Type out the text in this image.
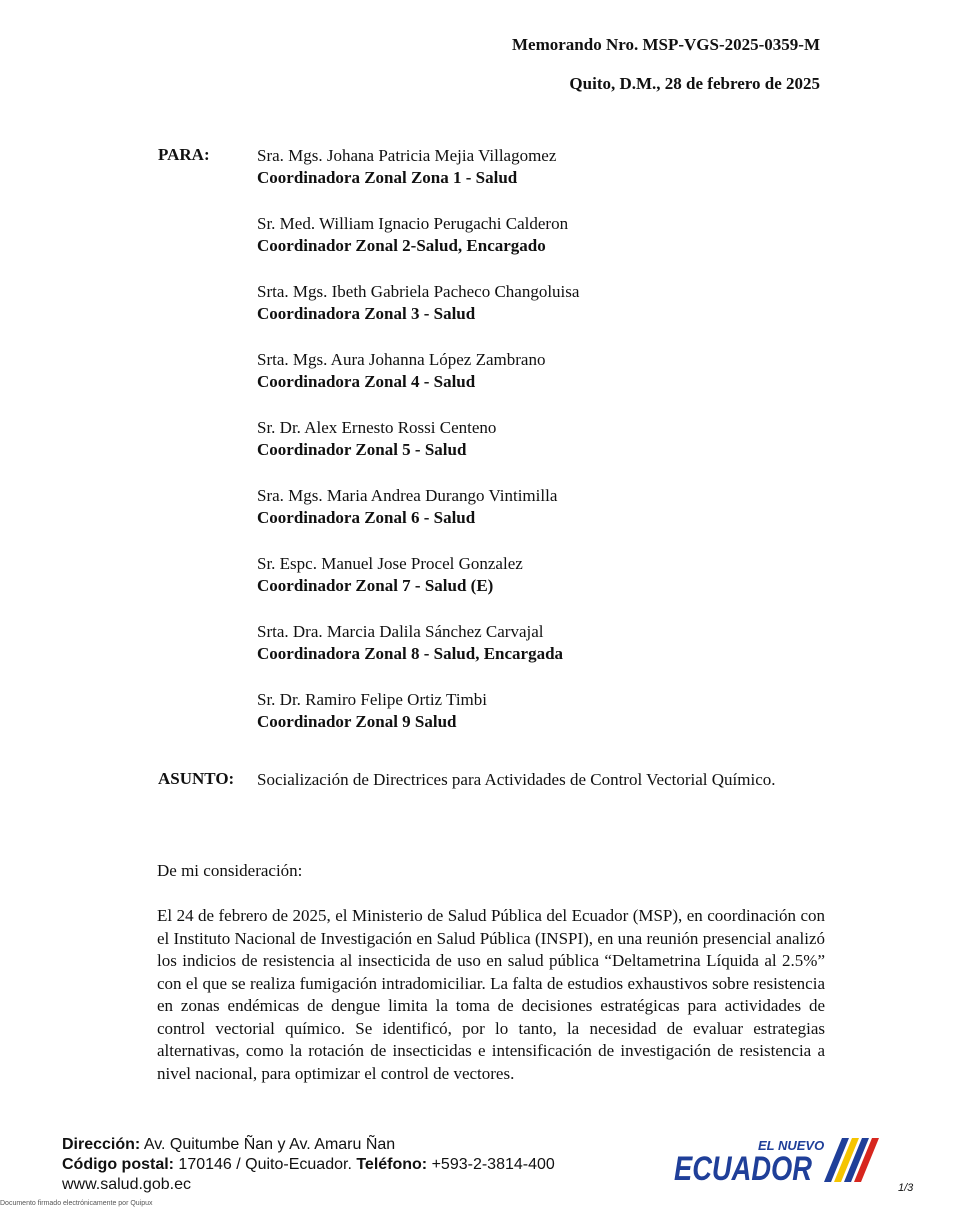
Memorando Nro. MSP-VGS-2025-0359-M
Quito, D.M., 28 de febrero de 2025
PARA:	Sra. Mgs. Johana Patricia Mejia Villagomez
Coordinadora Zonal Zona 1 - Salud
Sr. Med. William Ignacio Perugachi Calderon
Coordinador Zonal 2-Salud, Encargado
Srta. Mgs. Ibeth Gabriela Pacheco Changoluisa
Coordinadora Zonal 3 - Salud
Srta. Mgs. Aura Johanna López Zambrano
Coordinadora Zonal 4 - Salud
Sr. Dr. Alex Ernesto Rossi Centeno
Coordinador Zonal 5 - Salud
Sra. Mgs. Maria Andrea Durango Vintimilla
Coordinadora Zonal 6 - Salud
Sr. Espc. Manuel Jose Procel Gonzalez
Coordinador Zonal 7 - Salud (E)
Srta. Dra. Marcia Dalila Sánchez Carvajal
Coordinadora Zonal 8 - Salud, Encargada
Sr. Dr. Ramiro Felipe Ortiz Timbi
Coordinador Zonal 9 Salud
ASUNTO: Socialización de Directrices para Actividades de Control Vectorial Químico.
De mi consideración:
El 24 de febrero de 2025, el Ministerio de Salud Pública del Ecuador (MSP), en coordinación con el Instituto Nacional de Investigación en Salud Pública (INSPI), en una reunión presencial analizó los indicios de resistencia al insecticida de uso en salud pública “Deltametrina Líquida al 2.5%” con el que se realiza fumigación intradomiciliar. La falta de estudios exhaustivos sobre resistencia en zonas endémicas de dengue limita la toma de decisiones estratégicas para actividades de control vectorial químico. Se identificó, por lo tanto, la necesidad de evaluar estrategias alternativas, como la rotación de insecticidas e intensificación de investigación de resistencia a nivel nacional, para optimizar el control de vectores.
Dirección: Av. Quitumbe Ñan y Av. Amaru Ñan
Código postal: 170146 / Quito-Ecuador. Teléfono: +593-2-3814-400
www.salud.gob.ec
Documento firmado electrónicamente por Quipux
EL NUEVO
ECUADOR	1/3
